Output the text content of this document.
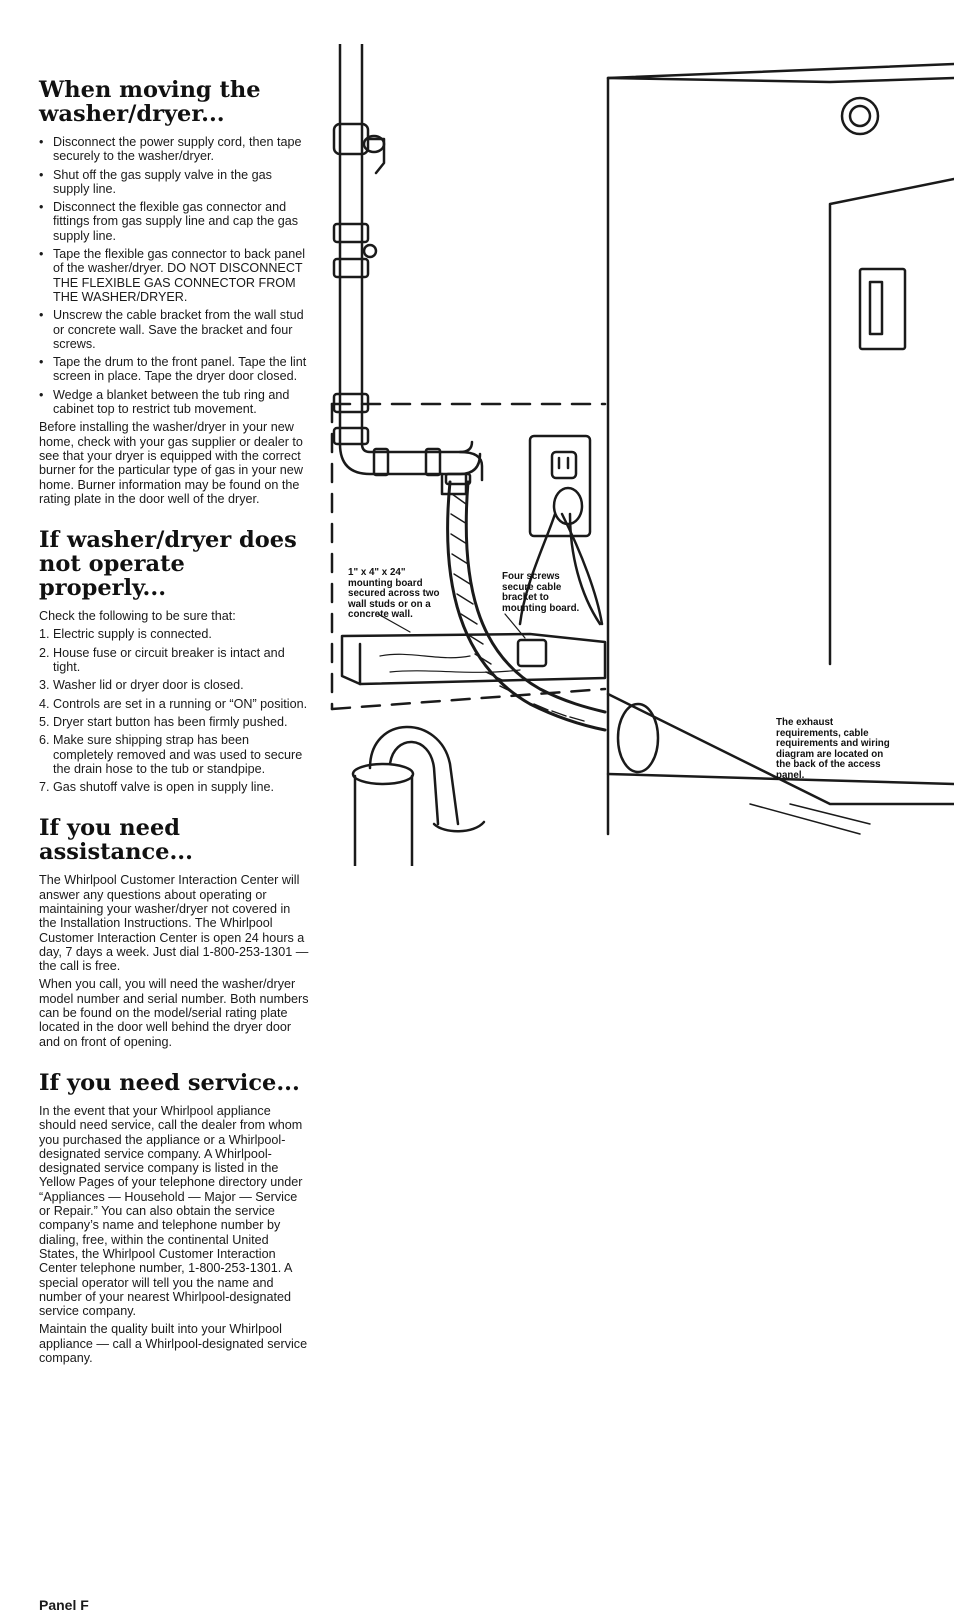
When moving the washer/dryer...
• Disconnect the power supply cord, then tape securely to the washer/dryer.
• Shut off the gas supply valve in the gas supply line.
• Disconnect the flexible gas connector and fittings from gas supply line and cap the gas supply line.
• Tape the flexible gas connector to back panel of the washer/dryer. DO NOT DISCONNECT THE FLEXIBLE GAS CONNECTOR FROM THE WASHER/DRYER.
• Unscrew the cable bracket from the wall stud or concrete wall. Save the bracket and four screws.
• Tape the drum to the front panel. Tape the lint screen in place. Tape the dryer door closed.
• Wedge a blanket between the tub ring and cabinet top to restrict tub movement.

Before installing the washer/dryer in your new home, check with your gas supplier or dealer to see that your dryer is equipped with the correct burner for the particular type of gas in your new home. Burner information may be found on the rating plate in the door well of the dryer.

If washer/dryer does not operate properly...

Check the following to be sure that:

1. Electric supply is connected.
2. House fuse or circuit breaker is intact and tight.
3. Washer lid or dryer door is closed.
4. Controls are set in a running or “ON” position.
5. Dryer start button has been firmly pushed.
6. Make sure shipping strap has been completely removed and was used to secure the drain hose to the tub or standpipe.
7. Gas shutoff valve is open in supply line.
If you need assistance...

The Whirlpool Customer Interaction Center will answer any questions about operating or maintaining your washer/dryer not covered in the Installation Instructions. The Whirlpool Customer Interaction Center is open 24 hours a day, 7 days a week. Just dial 1-800-253-1301 — the call is free.

When you call, you will need the washer/dryer model number and serial number. Both numbers can be found on the model/serial rating plate located in the door well behind the dryer door and on front of opening.

If you need service...

In the event that your Whirlpool appliance should need service, call the dealer from whom you purchased the appliance or a Whirlpool-designated service company. A Whirlpool-designated service company is listed in the Yellow Pages of your telephone directory under “Appliances — Household — Major — Service or Repair.” You can also obtain the service company’s name and telephone number by dialing, free, within the continental United States, the Whirlpool Customer Interaction Center telephone number, 1-800-253-1301. A special operator will tell you the name and number of your nearest Whirlpool-designated service company.

Maintain the quality built into your Whirlpool appliance — call a Whirlpool-designated service company.

Panel F
1" x 4" x 24" mounting board secured across two wall studs or on a concrete wall.
Four screws secure cable bracket to mounting board.
The exhaust requirements, cable requirements and wiring diagram are located on the back of the access panel.
